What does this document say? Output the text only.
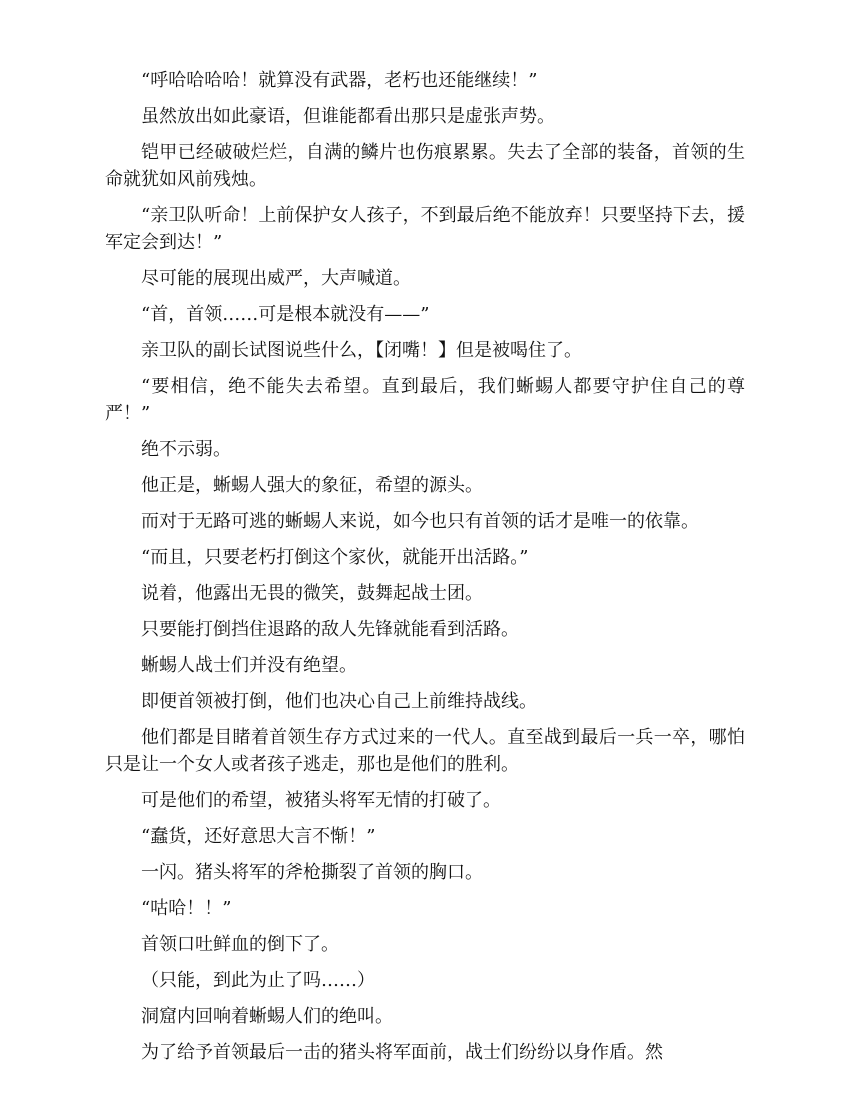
“呼哈哈哈哈！就算没有武器，老朽也还能继续！”

虽然放出如此豪语，但谁能都看出那只是虚张声势。

铠甲已经破破烂烂，自满的鳞片也伤痕累累。失去了全部的装备，首领的生命就犹如风前残烛。

“亲卫队听命！上前保护女人孩子，不到最后绝不能放弃！只要坚持下去，援军定会到达！”

尽可能的展现出威严，大声喊道。

“首，首领……可是根本就没有——”

亲卫队的副长试图说些什么，【闭嘴！】但是被喝住了。

“要相信，绝不能失去希望。直到最后，我们蜥蜴人都要守护住自己的尊严！”

绝不示弱。

他正是，蜥蜴人强大的象征，希望的源头。

而对于无路可逃的蜥蜴人来说，如今也只有首领的话才是唯一的依靠。

“而且，只要老朽打倒这个家伙，就能开出活路。”

说着，他露出无畏的微笑，鼓舞起战士团。

只要能打倒挡住退路的敌人先锋就能看到活路。

蜥蜴人战士们并没有绝望。

即便首领被打倒，他们也决心自己上前维持战线。

他们都是目睹着首领生存方式过来的一代人。直至战到最后一兵一卒，哪怕只是让一个女人或者孩子逃走，那也是他们的胜利。

可是他们的希望，被猪头将军无情的打破了。

“蠢货，还好意思大言不惭！”

一闪。猪头将军的斧枪撕裂了首领的胸口。

“咕哈！！”

首领口吐鲜血的倒下了。

（只能，到此为止了吗……）

洞窟内回响着蜥蜴人们的绝叫。

为了给予首领最后一击的猪头将军面前，战士们纷纷以身作盾。然
